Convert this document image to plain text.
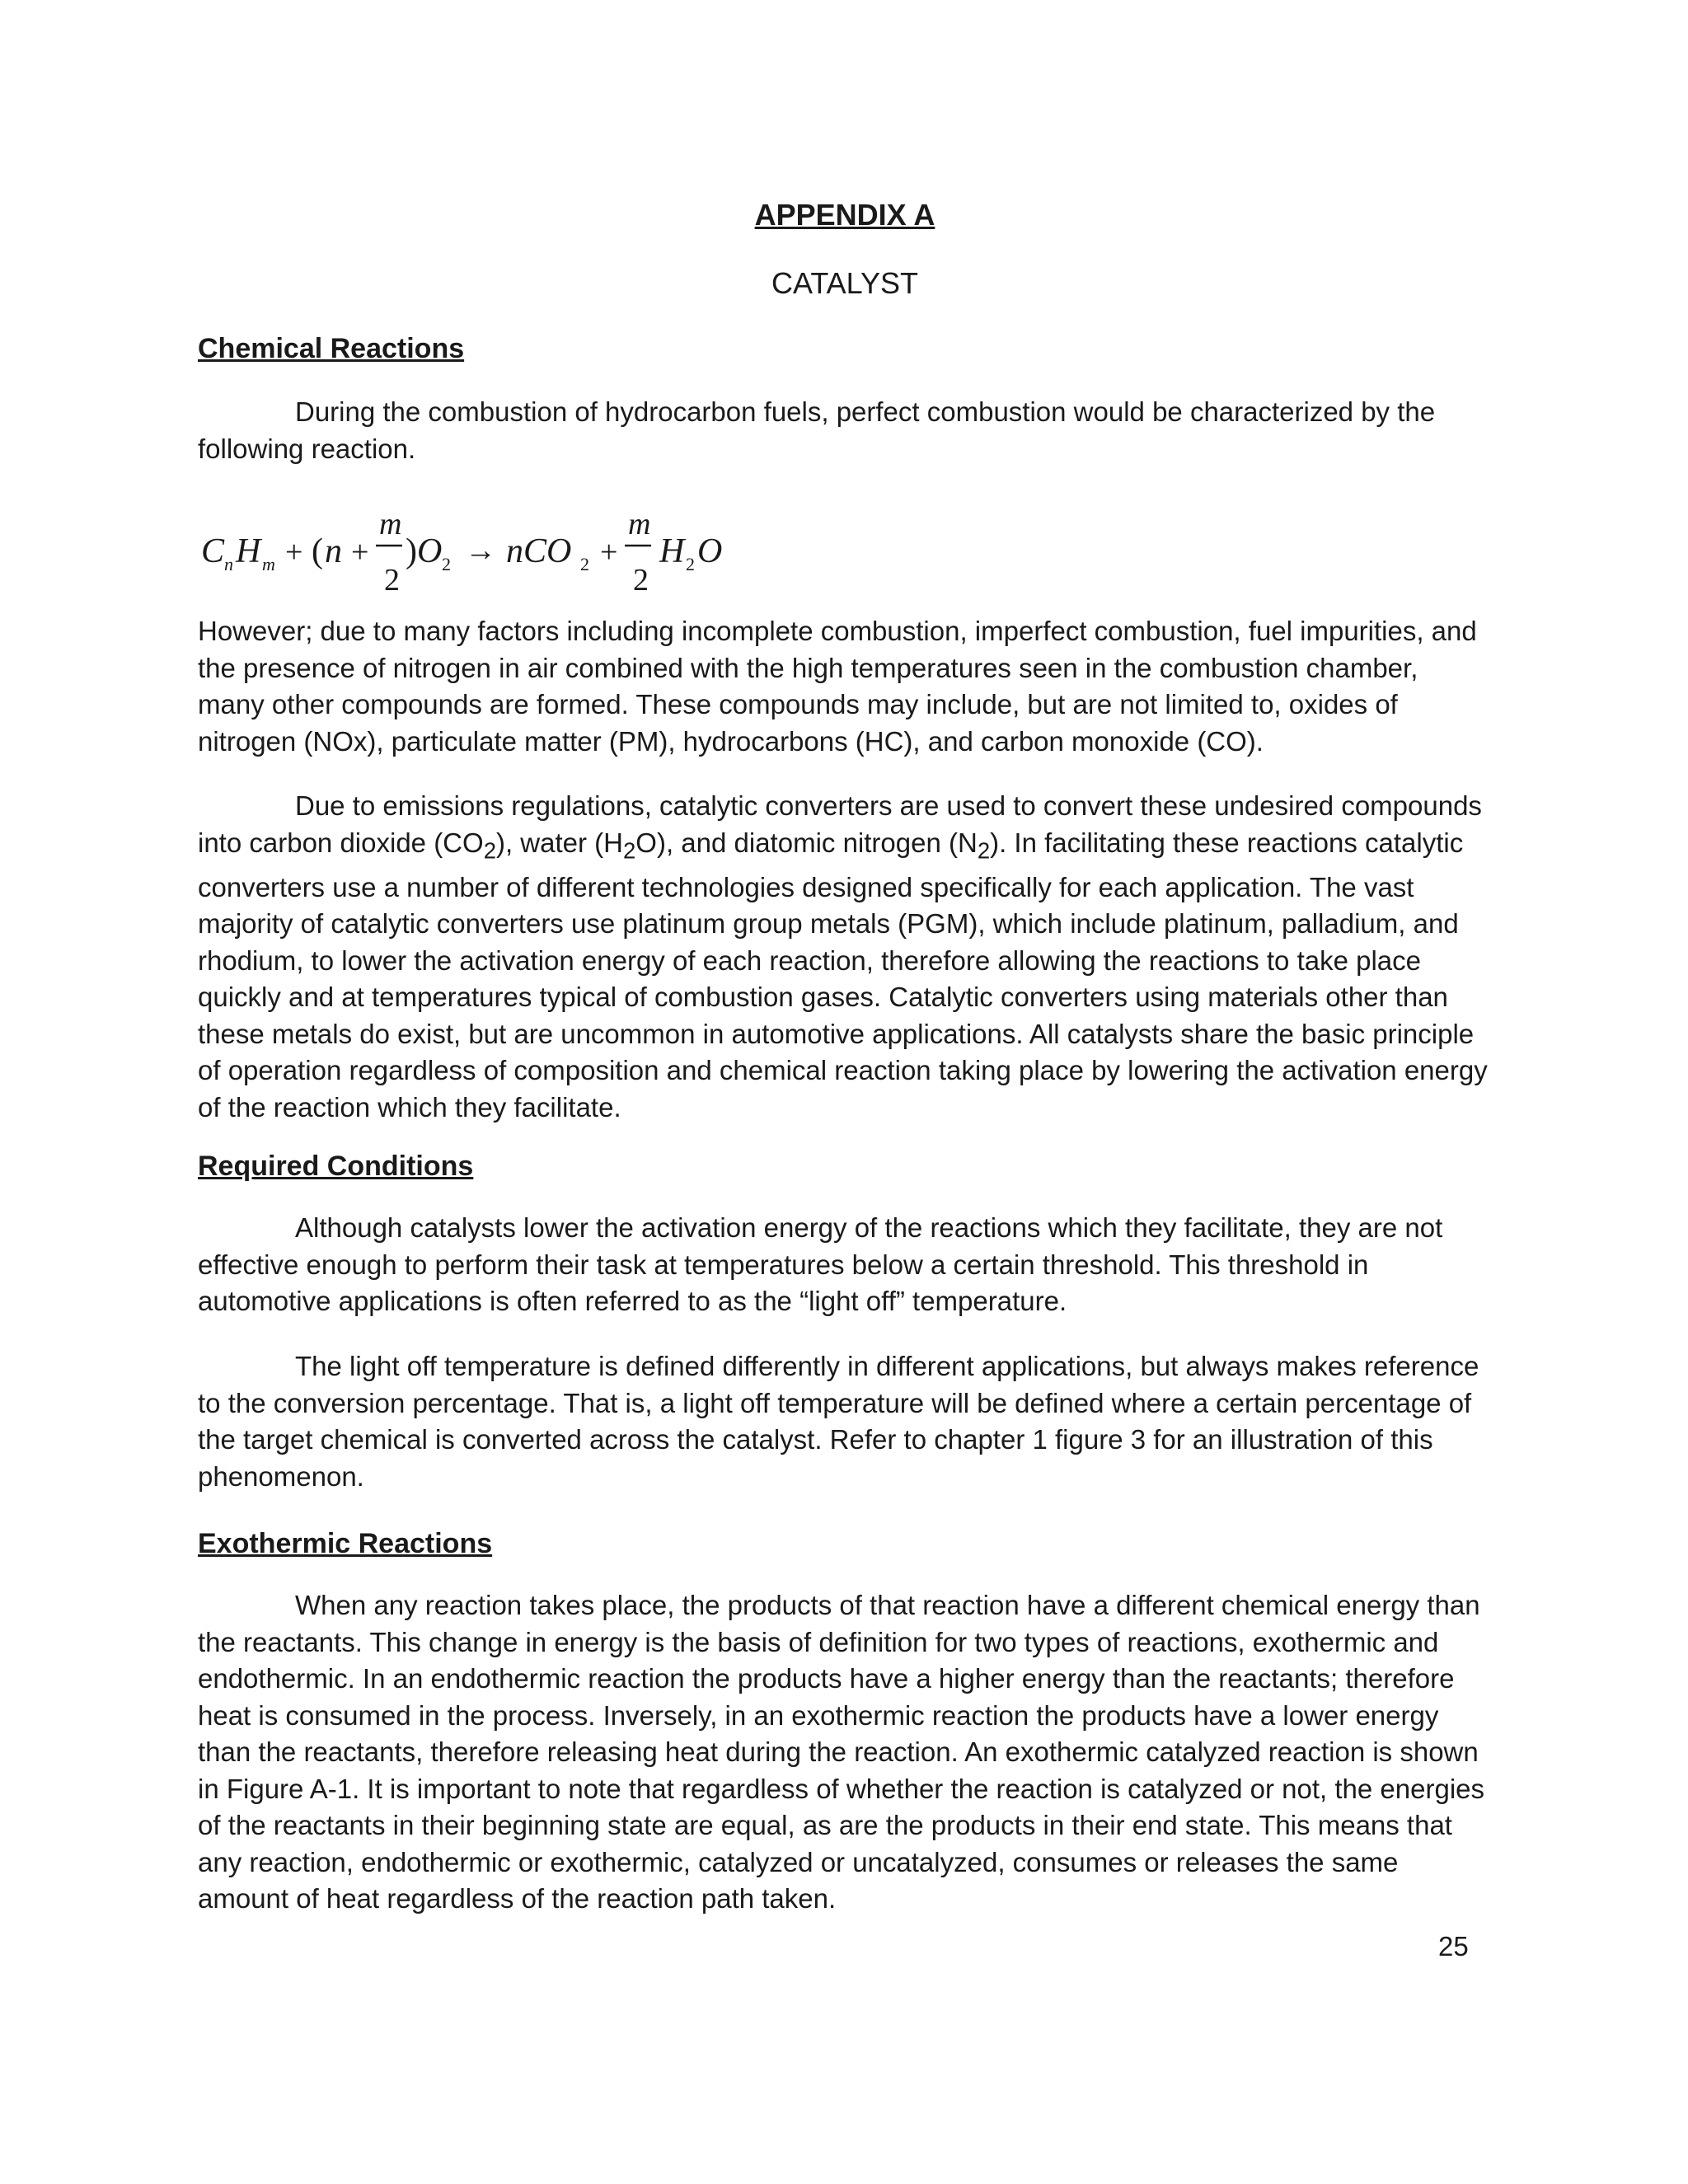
APPENDIX A
CATALYST
Chemical Reactions
During the combustion of hydrocarbon fuels, perfect combustion would be characterized by the following reaction.
C n H m + ( n +
m
2
) O 2 → nCO 2 +
m
2
H 2 O
However; due to many factors including incomplete combustion, imperfect combustion, fuel impurities, and the presence of nitrogen in air combined with the high temperatures seen in the combustion chamber, many other compounds are formed. These compounds may include, but are not limited to, oxides of nitrogen (NOx), particulate matter (PM), hydrocarbons (HC), and carbon monoxide (CO).
Due to emissions regulations, catalytic converters are used to convert these undesired compounds into carbon dioxide $(CO_2)$, water $(H_2O)$, and diatomic nitrogen $(N_2)$. In facilitating these reactions catalytic converters use a number of different technologies designed specifically for each application. The vast majority of catalytic converters use platinum group metals (PGM), which include platinum, palladium, and rhodium, to lower the activation energy of each reaction, therefore allowing the reactions to take place quickly and at temperatures typical of combustion gases. Catalytic converters using materials other than these metals do exist, but are uncommon in automotive applications. All catalysts share the basic principle of operation regardless of composition and chemical reaction taking place by lowering the activation energy of the reaction which they facilitate.
Required Conditions
Although catalysts lower the activation energy of the reactions which they facilitate, they are not effective enough to perform their task at temperatures below a certain threshold. This threshold in automotive applications is often referred to as the “light off” temperature.
The light off temperature is defined differently in different applications, but always makes reference to the conversion percentage. That is, a light off temperature will be defined where a certain percentage of the target chemical is converted across the catalyst. Refer to chapter 1 figure 3 for an illustration of this phenomenon.
Exothermic Reactions
When any reaction takes place, the products of that reaction have a different chemical energy than the reactants. This change in energy is the basis of definition for two types of reactions, exothermic and endothermic. In an endothermic reaction the products have a higher energy than the reactants; therefore heat is consumed in the process. Inversely, in an exothermic reaction the products have a lower energy than the reactants, therefore releasing heat during the reaction. An exothermic catalyzed reaction is shown in Figure A-1. It is important to note that regardless of whether the reaction is catalyzed or not, the energies of the reactants in their beginning state are equal, as are the products in their end state. This means that any reaction, endothermic or exothermic, catalyzed or uncatalyzed, consumes or releases the same amount of heat regardless of the reaction path taken.
25
